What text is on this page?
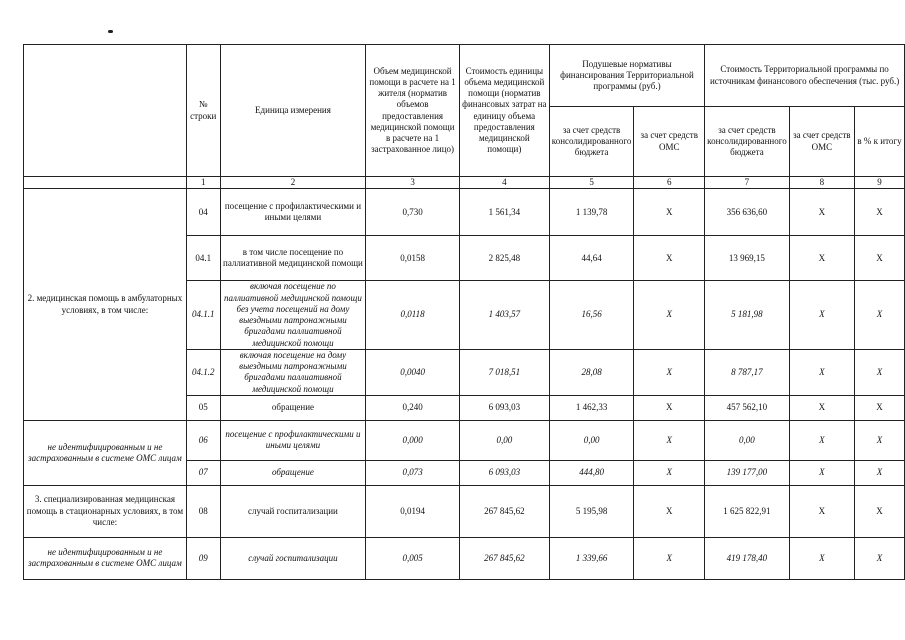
	№ строки	Единица измерения	Объем медицинской помощи в расчете на 1 жителя (норматив объемов предоставления медицинской помощи в расчете на 1 застрахованное лицо)	Стоимость единицы объема медицинской помощи (норматив финансовых затрат на единицу объема предоставления медицинской помощи)	Подушевые нормативы финансирования Территориальной программы (руб.)		Стоимость Территориальной программы по источникам финансового обеспечения (тыс. руб.)		
					за счет средств консолидированного бюджета	за счет средств ОМС	за счет средств консолидированного бюджета	за счет средств ОМС	в % к итогу
	1	2	3	4	5	6	7	8	9
2. медицинская помощь в амбулаторных условиях, в том числе:	04	посещение с профилактическими и иными целями	0,730	1 561,34	1 139,78	Х	356 636,60	Х	Х
	04.1	в том числе посещение по паллиативной медицинской помощи	0,0158	2 825,48	44,64	Х	13 969,15	Х	Х
	04.1.1	включая посещение по паллиативной медицинской помощи без учета посещений на дому выездными патронажными бригадами паллиативной медицинской помощи	0,0118	1 403,57	16,56	Х	5 181,98	Х	Х
	04.1.2	включая посещение на дому выездными патронажными бригадами паллиативной медицинской помощи	0,0040	7 018,51	28,08	Х	8 787,17	Х	Х
	05	обращение	0,240	6 093,03	1 462,33	Х	457 562,10	Х	Х
не идентифицированным и не застрахованным в системе ОМС лицам	06	посещение с профилактическими и иными целями	0,000	0,00	0,00	Х	0,00	Х	Х
	07	обращение	0,073	6 093,03	444,80	Х	139 177,00	Х	Х
3. специализированная медицинская помощь в стационарных условиях, в том числе:	08	случай госпитализации	0,0194	267 845,62	5 195,98	Х	1 625 822,91	Х	Х
не идентифицированным и не застрахованным в системе ОМС лицам	09	случай госпитализации	0,005	267 845,62	1 339,66	Х	419 178,40	Х	Х
